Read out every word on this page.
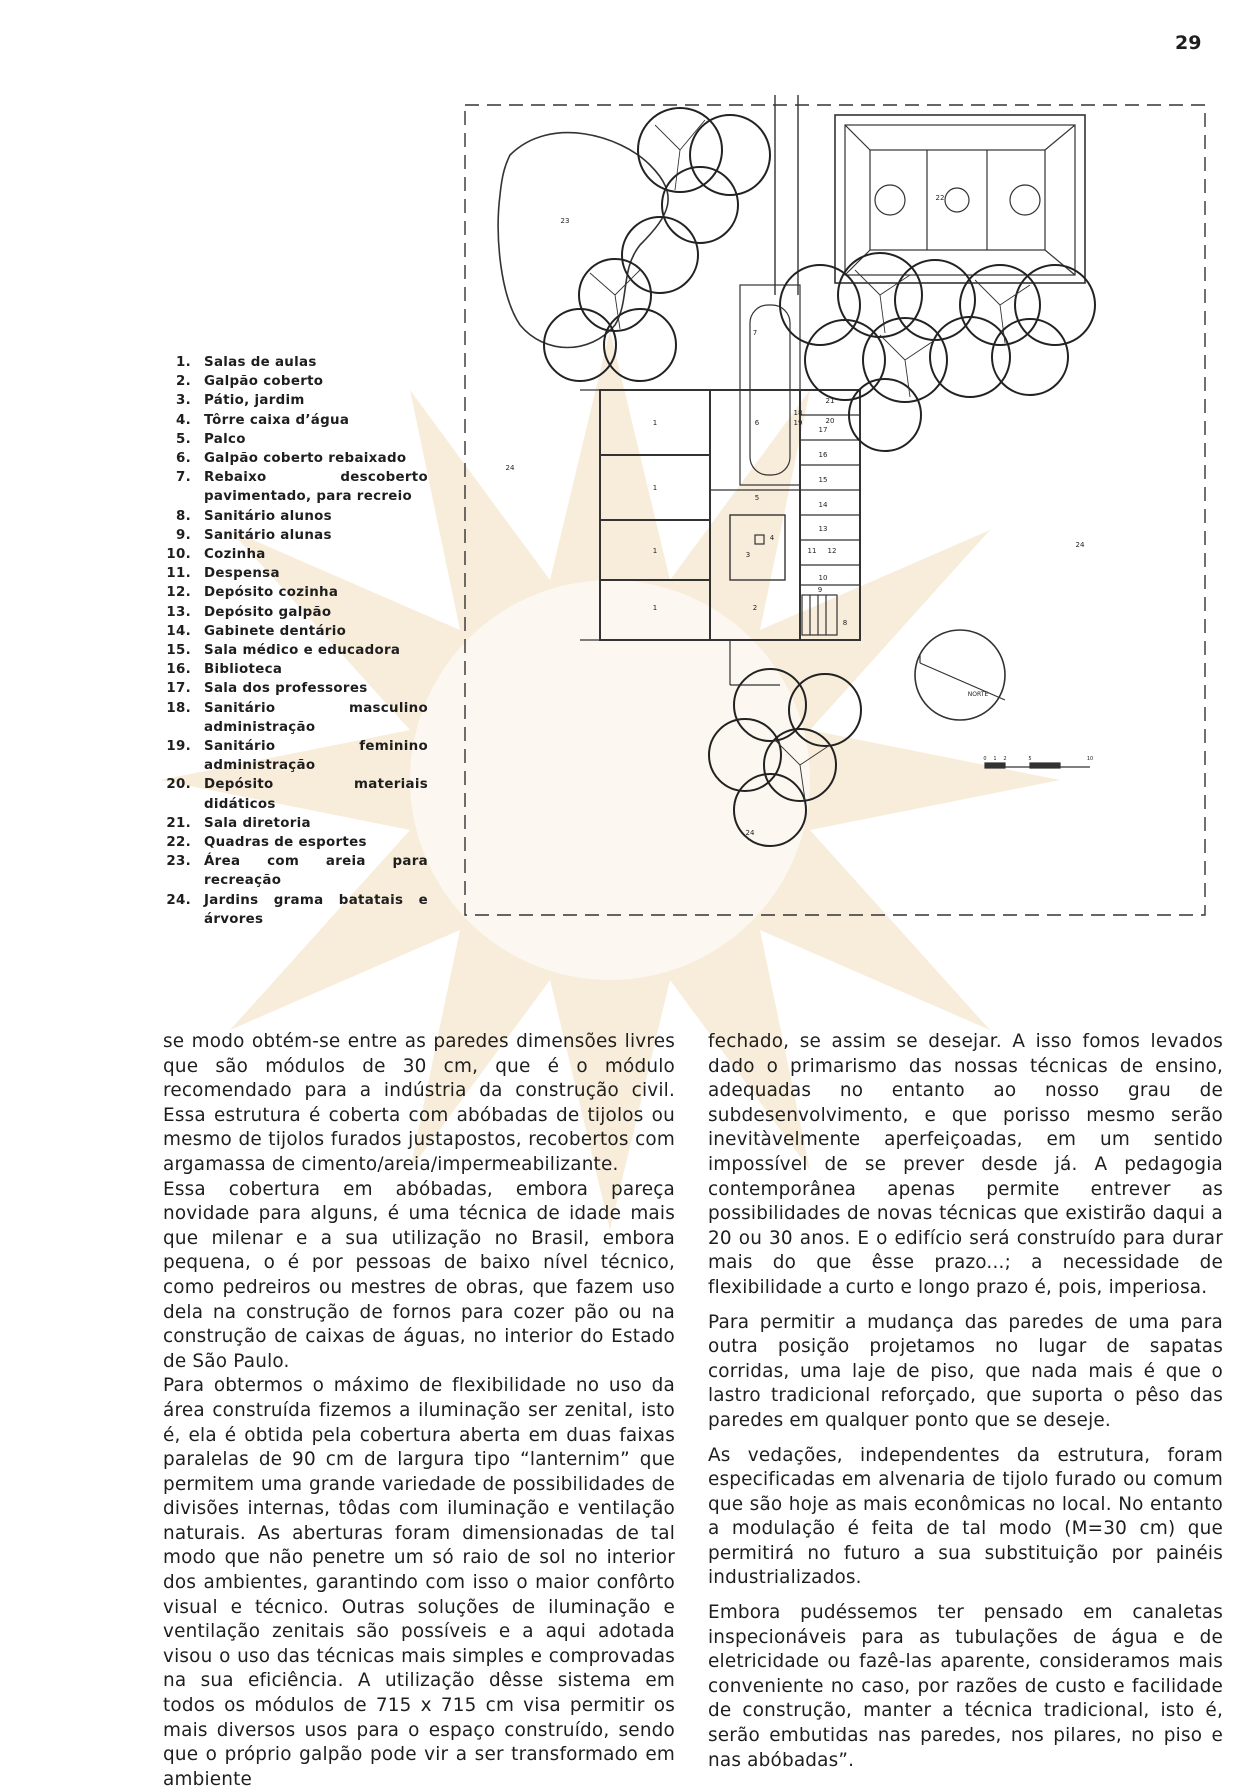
29
1
1
1
1	2
3
4
5
6
7
8
9
10
11 12
13
14
15
16
17
18
19	20
21
22
23
24
24
24
NORTE
0 1 2	5	10
1. Salas de aulas
2. Galpão coberto
3. Pátio, jardim
4. Tôrre caixa d’água
5. Palco
6. Galpão coberto rebaixado
7. Rebaixo descoberto pavimentado, para recreio
8. Sanitário alunos
9. Sanitário alunas
10. Cozinha
11. Despensa
12. Depósito cozinha
13. Depósito galpão
14. Gabinete dentário
15. Sala médico e educadora
16. Biblioteca
17. Sala dos professores
18. Sanitário masculino administração
19. Sanitário feminino administração
20. Depósito materiais didáticos
21. Sala diretoria
22. Quadras de esportes
23. Área com areia para recreação
24. Jardins grama batatais e árvores

se modo obtém-se entre as paredes dimensões livres que são módulos de 30 cm, que é o módulo recomendado para a indústria da construção civil. Essa estrutura é coberta com abóbadas de tijolos ou mesmo de tijolos furados justapostos, recobertos com argamassa de cimento/areia/impermeabilizante.

Essa cobertura em abóbadas, embora pareça novidade para alguns, é uma técnica de idade mais que milenar e a sua utilização no Brasil, embora pequena, o é por pessoas de baixo nível técnico, como pedreiros ou mestres de obras, que fazem uso dela na construção de fornos para cozer pão ou na construção de caixas de águas, no interior do Estado de São Paulo.

Para obtermos o máximo de flexibilidade no uso da área construída fizemos a iluminação ser zenital, isto é, ela é obtida pela cobertura aberta em duas faixas paralelas de 90 cm de largura tipo “lanternim” que permitem uma grande variedade de possibilidades de divisões internas, tôdas com iluminação e ventilação naturais. As aberturas foram dimensionadas de tal modo que não penetre um só raio de sol no interior dos ambientes, garantindo com isso o maior confôrto visual e técnico. Outras soluções de iluminação e ventilação zenitais são possíveis e a aqui adotada visou o uso das técnicas mais simples e comprovadas na sua eficiência. A utilização dêsse sistema em todos os módulos de 715 x 715 cm visa permitir os mais diversos usos para o espaço construído, sendo que o próprio galpão pode vir a ser transformado em ambiente

fechado, se assim se desejar. A isso fomos levados dado o primarismo das nossas técnicas de ensino, adequadas no entanto ao nosso grau de subdesenvolvimento, e que porisso mesmo serão inevitàvelmente aperfeiçoadas, em um sentido impossível de se prever desde já. A pedagogia contemporânea apenas permite entrever as possibilidades de novas técnicas que existirão daqui a 20 ou 30 anos. E o edifício será construído para durar mais do que êsse prazo...; a necessidade de flexibilidade a curto e longo prazo é, pois, imperiosa.

Para permitir a mudança das paredes de uma para outra posição projetamos no lugar de sapatas corridas, uma laje de piso, que nada mais é que o lastro tradicional reforçado, que suporta o pêso das paredes em qualquer ponto que se deseje.

As vedações, independentes da estrutura, foram especificadas em alvenaria de tijolo furado ou comum que são hoje as mais econômicas no local. No entanto a modulação é feita de tal modo (M=30 cm) que permitirá no futuro a sua substituição por painéis industrializados.

Embora pudéssemos ter pensado em canaletas inspecionáveis para as tubulações de água e de eletricidade ou fazê-las aparente, consideramos mais conveniente no caso, por razões de custo e facilidade de construção, manter a técnica tradicional, isto é, serão embutidas nas paredes, nos pilares, no piso e nas abóbadas”.
